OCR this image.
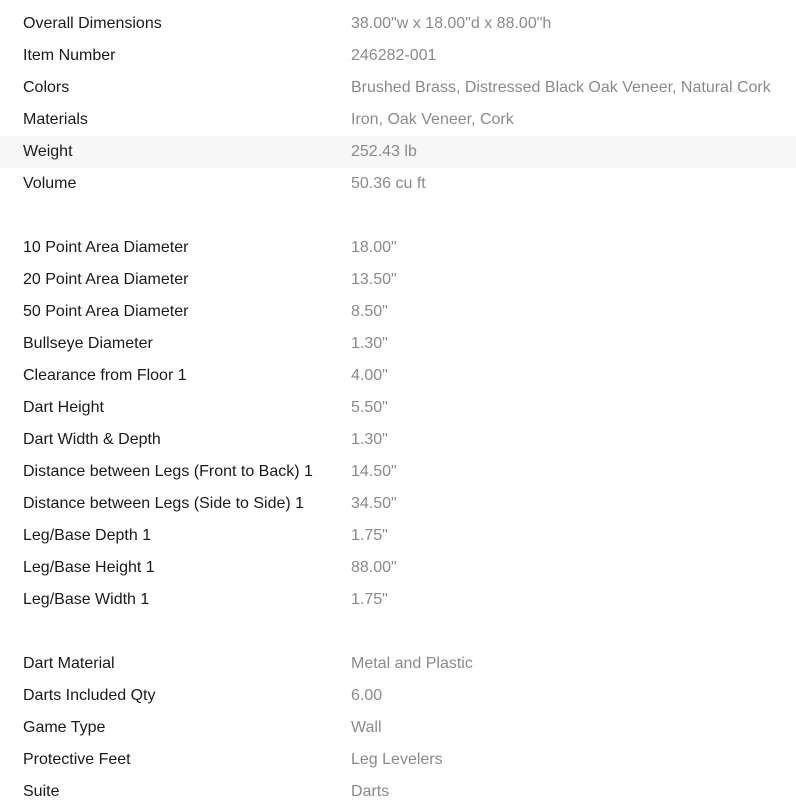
Overall Dimensions	38.00"w x 18.00"d x 88.00"h
Item Number	246282-001
Colors	Brushed Brass, Distressed Black Oak Veneer, Natural Cork
Materials	Iron, Oak Veneer, Cork
Weight	252.43 lb
Volume	50.36 cu ft
10 Point Area Diameter	18.00"
20 Point Area Diameter	13.50"
50 Point Area Diameter	8.50"
Bullseye Diameter	1.30"
Clearance from Floor 1	4.00"
Dart Height	5.50"
Dart Width & Depth	1.30"
Distance between Legs (Front to Back) 1	14.50"
Distance between Legs (Side to Side) 1	34.50"
Leg/Base Depth 1	1.75"
Leg/Base Height 1	88.00"
Leg/Base Width 1	1.75"
Dart Material	Metal and Plastic
Darts Included Qty	6.00
Game Type	Wall
Protective Feet	Leg Levelers
Suite	Darts
